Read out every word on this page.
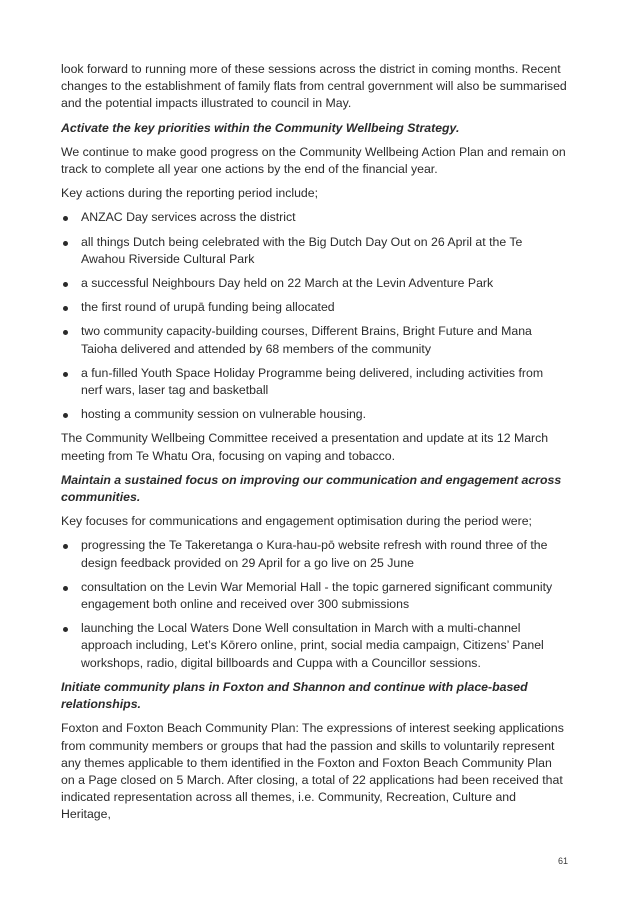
look forward to running more of these sessions across the district in coming months. Recent changes to the establishment of family flats from central government will also be summarised and the potential impacts illustrated to council in May.

Activate the key priorities within the Community Wellbeing Strategy.

We continue to make good progress on the Community Wellbeing Action Plan and remain on track to complete all year one actions by the end of the financial year.

Key actions during the reporting period include;

ANZAC Day services across the district
all things Dutch being celebrated with the Big Dutch Day Out on 26 April at the Te Awahou Riverside Cultural Park
a successful Neighbours Day held on 22 March at the Levin Adventure Park
the first round of urupā funding being allocated
two community capacity-building courses, Different Brains, Bright Future and Mana Taioha delivered and attended by 68 members of the community
a fun-filled Youth Space Holiday Programme being delivered, including activities from nerf wars, laser tag and basketball
hosting a community session on vulnerable housing.

The Community Wellbeing Committee received a presentation and update at its 12 March meeting from Te Whatu Ora, focusing on vaping and tobacco.

Maintain a sustained focus on improving our communication and engagement across communities.

Key focuses for communications and engagement optimisation during the period were;

progressing the Te Takeretanga o Kura-hau-pō website refresh with round three of the design feedback provided on 29 April for a go live on 25 June
consultation on the Levin War Memorial Hall - the topic garnered significant community engagement both online and received over 300 submissions
launching the Local Waters Done Well consultation in March with a multi-channel approach including, Let’s Kōrero online, print, social media campaign, Citizens’ Panel workshops, radio, digital billboards and Cuppa with a Councillor sessions.

Initiate community plans in Foxton and Shannon and continue with place-based relationships.

Foxton and Foxton Beach Community Plan: The expressions of interest seeking applications from community members or groups that had the passion and skills to voluntarily represent any themes applicable to them identified in the Foxton and Foxton Beach Community Plan on a Page closed on 5 March. After closing, a total of 22 applications had been received that indicated representation across all themes, i.e. Community, Recreation, Culture and Heritage,

61
